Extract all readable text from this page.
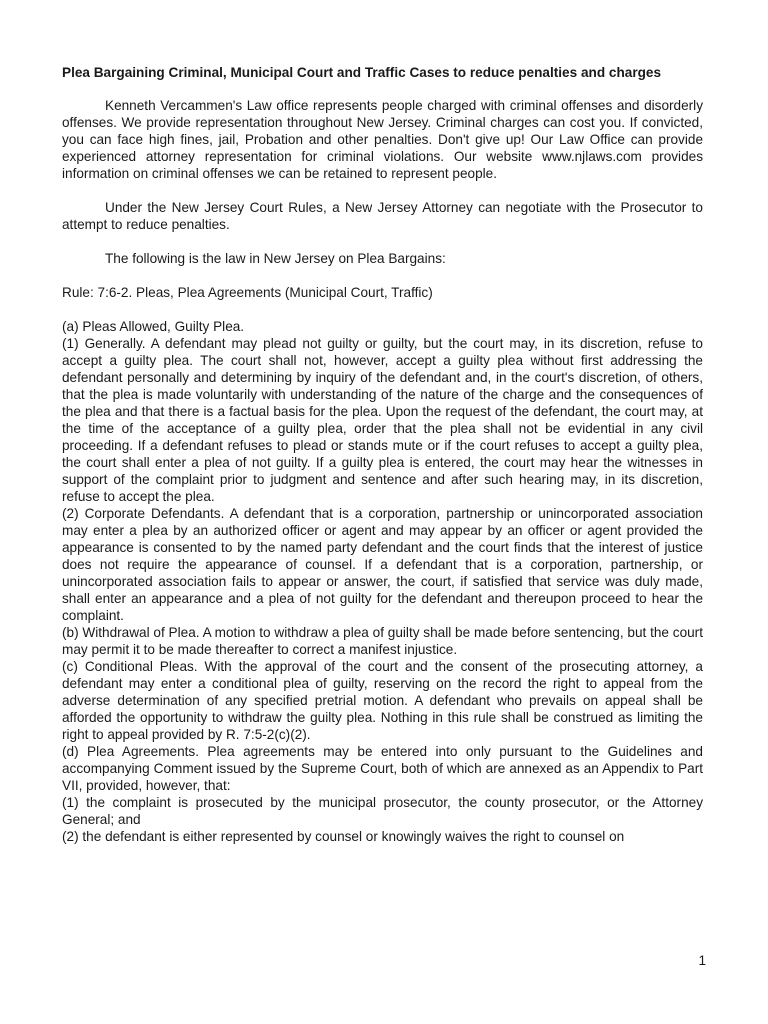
Plea Bargaining Criminal, Municipal Court and Traffic Cases to reduce penalties and charges

Kenneth Vercammen's Law office represents people charged with criminal offenses and disorderly offenses. We provide representation throughout New Jersey. Criminal charges can cost you. If convicted, you can face high fines, jail, Probation and other penalties. Don't give up! Our Law Office can provide experienced attorney representation for criminal violations. Our website www.njlaws.com provides information on criminal offenses we can be retained to represent people.

Under the New Jersey Court Rules, a New Jersey Attorney can negotiate with the Prosecutor to attempt to reduce penalties.

The following is the law in New Jersey on Plea Bargains:

Rule: 7:6-2. Pleas, Plea Agreements (Municipal Court, Traffic)

(a) Pleas Allowed, Guilty Plea.

(1) Generally. A defendant may plead not guilty or guilty, but the court may, in its discretion, refuse to accept a guilty plea. The court shall not, however, accept a guilty plea without first addressing the defendant personally and determining by inquiry of the defendant and, in the court's discretion, of others, that the plea is made voluntarily with understanding of the nature of the charge and the consequences of the plea and that there is a factual basis for the plea. Upon the request of the defendant, the court may, at the time of the acceptance of a guilty plea, order that the plea shall not be evidential in any civil proceeding. If a defendant refuses to plead or stands mute or if the court refuses to accept a guilty plea, the court shall enter a plea of not guilty. If a guilty plea is entered, the court may hear the witnesses in support of the complaint prior to judgment and sentence and after such hearing may, in its discretion, refuse to accept the plea.

(2) Corporate Defendants. A defendant that is a corporation, partnership or unincorporated association may enter a plea by an authorized officer or agent and may appear by an officer or agent provided the appearance is consented to by the named party defendant and the court finds that the interest of justice does not require the appearance of counsel. If a defendant that is a corporation, partnership, or unincorporated association fails to appear or answer, the court, if satisfied that service was duly made, shall enter an appearance and a plea of not guilty for the defendant and thereupon proceed to hear the complaint.

(b) Withdrawal of Plea. A motion to withdraw a plea of guilty shall be made before sentencing, but the court may permit it to be made thereafter to correct a manifest injustice.

(c) Conditional Pleas. With the approval of the court and the consent of the prosecuting attorney, a defendant may enter a conditional plea of guilty, reserving on the record the right to appeal from the adverse determination of any specified pretrial motion. A defendant who prevails on appeal shall be afforded the opportunity to withdraw the guilty plea. Nothing in this rule shall be construed as limiting the right to appeal provided by R. 7:5-2(c)(2).

(d) Plea Agreements. Plea agreements may be entered into only pursuant to the Guidelines and accompanying Comment issued by the Supreme Court, both of which are annexed as an Appendix to Part VII, provided, however, that:

(1) the complaint is prosecuted by the municipal prosecutor, the county prosecutor, or the Attorney General; and

(2) the defendant is either represented by counsel or knowingly waives the right to counsel on

1
